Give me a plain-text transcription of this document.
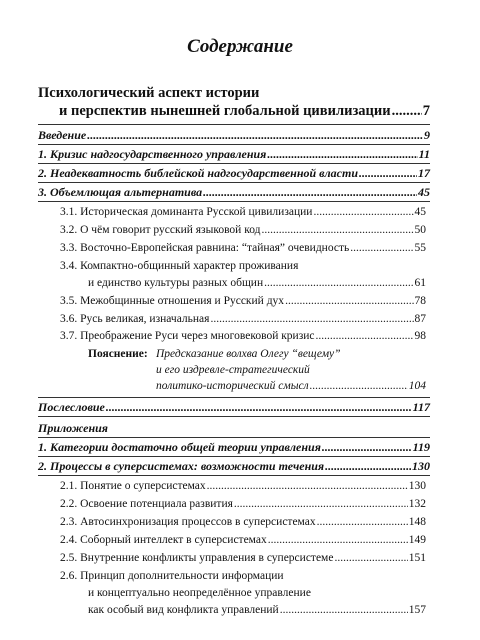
Содержание
Психологический аспект истории
и перспектив нынешней глобальной цивилизации ..... 7
Введение .....	9
1. Кризис надгосударственного управления .....	11
2. Неадекватность библейской надгосударственной власти .....	17
3. Объемлющая альтернатива .....	45
3.1. Историческая доминанта Русской цивилизации .....	45
3.2. О чём говорит русский языковой код .....	50
3.3. Восточно-Европейская равнина: “тайная” очевидность .....	55
3.4. Компактно-общинный характер проживания
и единство культуры разных общин .....	61
3.5. Межобщинные отношения и Русский дух .....	78
3.6. Русь великая, изначальная .....	87
3.7. Преображение Руси через многовековой кризис .....	98
Пояснение: Предсказание волхва Олегу “вещему”
и его издревле-стратегический
политико-исторический смысл .....	104
Послесловие .....	117
Приложения
1. Категории достаточно общей теории управления .....	119
2. Процессы в суперсистемах: возможности течения .....	130
2.1. Понятие о суперсистемах .....	130
2.2. Освоение потенциала развития .....	132
2.3. Автосинхронизация процессов в суперсистемах .....	148
2.4. Соборный интеллект в суперсистемах .....	149
2.5. Внутренние конфликты управления в суперсистеме .....	151
2.6. Принцип дополнительности информации
и концептуально неопределённое управление
как особый вид конфликта управлений .....	157
